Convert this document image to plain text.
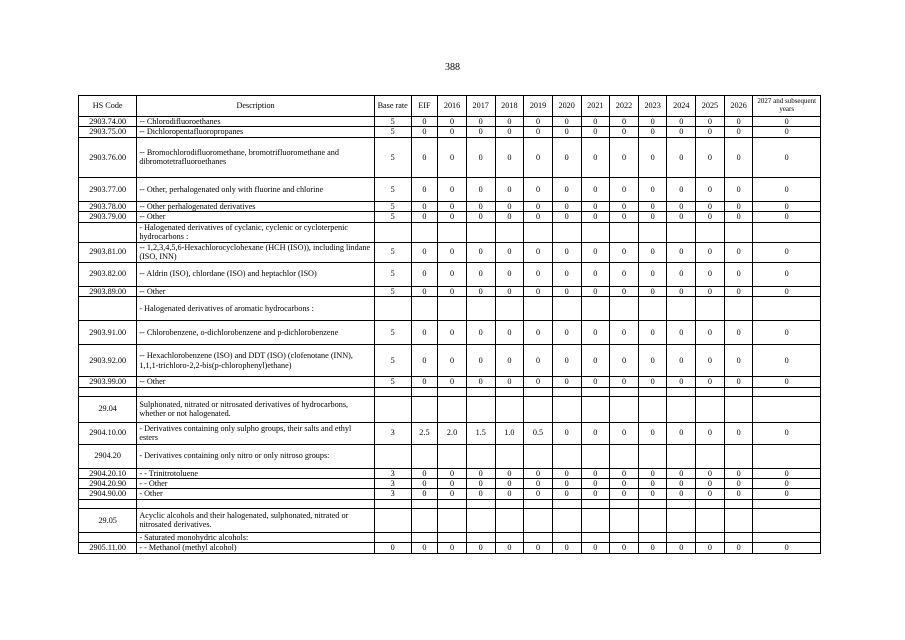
388
HS Code	Description	Base rate	EIF	2016	2017	2018	2019	2020	2021	2022	2023	2024	2025	2026	2027 and subsequent years
2903.74.00	-- Chlorodifluoroethanes	5	0	0	0	0	0	0	0	0	0	0	0	0	0
2903.75.00	-- Dichloropentafluoropropanes	5	0	0	0	0	0	0	0	0	0	0	0	0	0
2903.76.00	-- Bromochlorodifluoromethane, bromotrifluoromethane and dibromotetrafluoroethanes	5	0	0	0	0	0	0	0	0	0	0	0	0	0
2903.77.00	-- Other, perhalogenated only with fluorine and chlorine	5	0	0	0	0	0	0	0	0	0	0	0	0	0
2903.78.00	-- Other perhalogenated derivatives	5	0	0	0	0	0	0	0	0	0	0	0	0	0
2903.79.00	-- Other	5	0	0	0	0	0	0	0	0	0	0	0	0	0
	- Halogenated derivatives of cyclanic, cyclenic or cycloterpenic hydrocarbons :														
2903.81.00	-- 1,2,3,4,5,6-Hexachlorocyclohexane (HCH (ISO)), including lindane (ISO, INN)	5	0	0	0	0	0	0	0	0	0	0	0	0	0
2903.82.00	-- Aldrin (ISO), chlordane (ISO) and heptachlor (ISO)	5	0	0	0	0	0	0	0	0	0	0	0	0	0
2903.89.00	-- Other	5	0	0	0	0	0	0	0	0	0	0	0	0	0
	- Halogenated derivatives of aromatic hydrocarbons :														
2903.91.00	-- Chlorobenzene, o-dichlorobenzene and p-dichlorobenzene	5	0	0	0	0	0	0	0	0	0	0	0	0	0
2903.92.00	-- Hexachlorobenzene (ISO) and DDT (ISO) (clofenotane (INN), 1,1,1-trichloro-2,2-bis(p-chlorophenyl)ethane)	5	0	0	0	0	0	0	0	0	0	0	0	0	0
2903.99.00	-- Other	5	0	0	0	0	0	0	0	0	0	0	0	0	0

29.04	Sulphonated, nitrated or nitrosated derivatives of hydrocarbons, whether or not halogenated.														
2904.10.00	- Derivatives containing only sulpho groups, their salts and ethyl esters	3	2.5	2.0	1.5	1.0	0.5	0	0	0	0	0	0	0	0
2904.20	- Derivatives containing only nitro or only nitroso groups:														
2904.20.10	- - Trinitrotoluene	3	0	0	0	0	0	0	0	0	0	0	0	0	0
2904.20.90	- - Other	3	0	0	0	0	0	0	0	0	0	0	0	0	0
2904.90.00	- Other	3	0	0	0	0	0	0	0	0	0	0	0	0	0

29.05	Acyclic alcohols and their halogenated, sulphonated, nitrated or nitrosated derivatives.														
	- Saturated monohydric alcohols:														
2905.11.00	- - Methanol (methyl alcohol)	0	0	0	0	0	0	0	0	0	0	0	0	0	0
